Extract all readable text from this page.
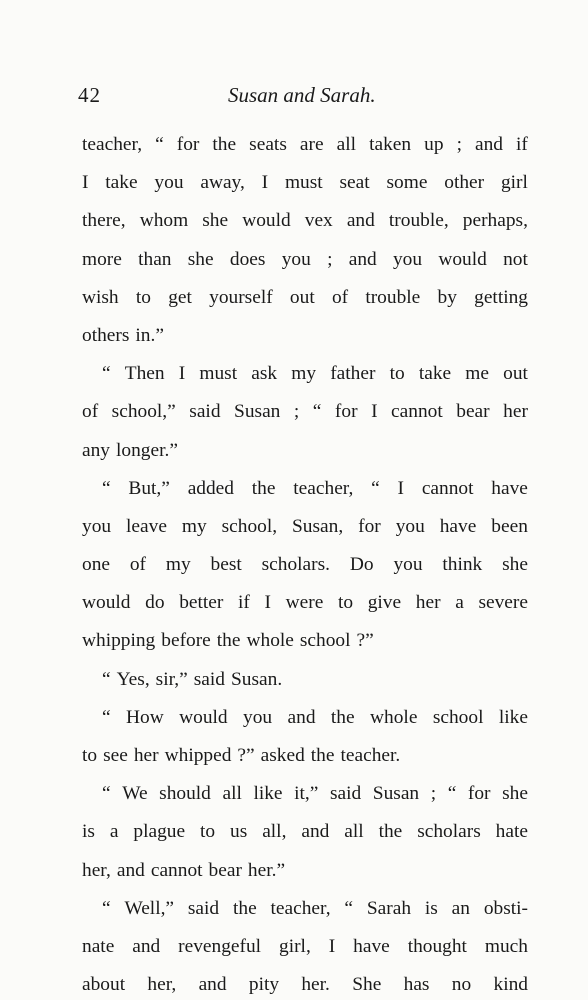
42	Susan and Sarah.
teacher, “ for the seats are all taken up ; and if
I take you away, I must seat some other girl
there, whom she would vex and trouble, perhaps,
more than she does you ; and you would not
wish to get yourself out of trouble by getting
others in.”
“ Then I must ask my father to take me out
of school,” said Susan ; “ for I cannot bear her
any longer.”
“ But,” added the teacher, “ I cannot have
you leave my school, Susan, for you have been
one of my best scholars. Do you think she
would do better if I were to give her a severe
whipping before the whole school ?”
“ Yes, sir,” said Susan.
“ How would you and the whole school like
to see her whipped ?” asked the teacher.
“ We should all like it,” said Susan ; “ for she
is a plague to us all, and all the scholars hate
her, and cannot bear her.”
“ Well,” said the teacher, “ Sarah is an obsti-
nate and revengeful girl, I have thought much
about her, and pity her. She has no kind
